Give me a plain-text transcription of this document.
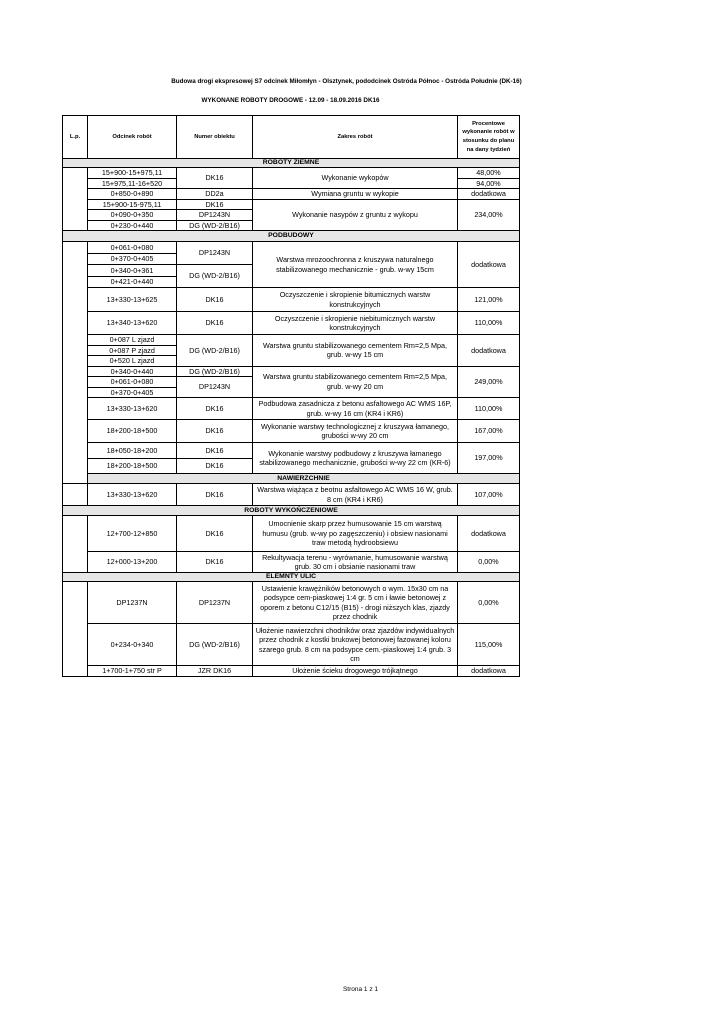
Budowa drogi ekspresowej S7 odcinek Miłomłyn - Olsztynek, pododcinek Ostróda Północ - Ostróda Południe (DK-16)
WYKONANE ROBOTY DROGOWE - 12.09 - 18.09.2016 DK16
L.p.	Odcinek robót	Numer obiektu	Zakres robót	Procentowe wykonanie robót w stosunku do planu na dany tydzień
ROBOTY ZIEMNE				
	15+900-15+975,11	DK16	Wykonanie wykopów	48,00%
	15+975,11-16+520			94,00%
	0+850-0+890	DD2a	Wymiana gruntu w wykopie	dodatkowa
	15+900-15-975,11	DK16	Wykonanie nasypów z gruntu z wykopu	234,00%
	0+090-0+350	DP1243N		
	0+230-0+440	DG (WD-2/B16)		
PODBUDOWY				
	0+061-0+080	DP1243N	Warstwa mrozoochronna z kruszywa naturalnego stabilizowanego mechanicznie - grub. w-wy 15cm	dodatkowa
	0+370-0+405			
	0+340-0+361	DG (WD-2/B16)		
	0+421-0+440			
	13+330-13+625	DK16	Oczyszczenie i skropienie bitumicznych warstw konstrukcyjnych	121,00%
	13+340-13+620	DK16	Oczyszczenie i skropienie niebitumicznych warstw konstrukcyjnych	110,00%
	0+087 L zjazd	DG (WD-2/B16)	Warstwa gruntu stabilizowanego cementem Rm=2,5 Mpa, grub. w-wy 15 cm	dodatkowa
	0+087 P zjazd			
	0+520 L zjazd			
	0+340-0+440	DG (WD-2/B16)	Warstwa gruntu stabilizowanego cementem Rm=2,5 Mpa, grub. w-wy 20 cm	249,00%
	0+061-0+080	DP1243N		
	0+370-0+405			
	13+330-13+620	DK16	Podbudowa zasadnicza z betonu asfaltowego AC WMS 16P, grub. w-wy 16 cm (KR4 i KR6)	110,00%
	18+200-18+500	DK16	Wykonanie warstwy technologicznej z kruszywa łamanego, grubości w-wy 20 cm	167,00%
	18+050-18+200	DK16	Wykonanie warstwy podbudowy z kruszywa łamanego stabilizowanego mechanicznie, grubości w-wy 22 cm (KR-6)	197,00%
	18+200-18+500	DK16		
	NAWIERZCHNIE			
	13+330-13+620	DK16	Warstwa wiążąca z beotnu asfaltowego AC WMS 16 W, grub. 8 cm (KR4 i KR6)	107,00%
ROBOTY WYKOŃCZENIOWE				
	12+700-12+850	DK16	Umocnienie skarp przez humusowanie 15 cm warstwą humusu (grub. w-wy po zagęszczeniu) i obsiew nasionami traw metodą hydroobsiewu	dodatkowa
	12+000-13+200	DK16	Rekultywacja terenu - wyrównanie, humusowanie warstwą grub. 30 cm i obsianie nasionami traw	0,00%
ELEMNTY ULIC				
	DP1237N	DP1237N	Ustawienie krawężników betonowych o wym. 15x30 cm na podsypce cem-piaskowej 1:4 gr. 5 cm i ławie betonowej z oporem z betonu C12/15 (B15) - drogi niższych klas, zjazdy przez chodnik	0,00%
	0+234-0+340	DG (WD-2/B16)	Ułożenie nawierzchni chodników oraz zjazdów indywidualnych przez chodnik z kostki brukowej betonowej fazowanej koloru szarego grub. 8 cm na podsypce cem.-piaskowej 1:4 grub. 3 cm	115,00%
	1+700-1+750 str P	JZR DK16	Ułożenie ścieku drogowego trójkątnego	dodatkowa
Strona 1 z 1
